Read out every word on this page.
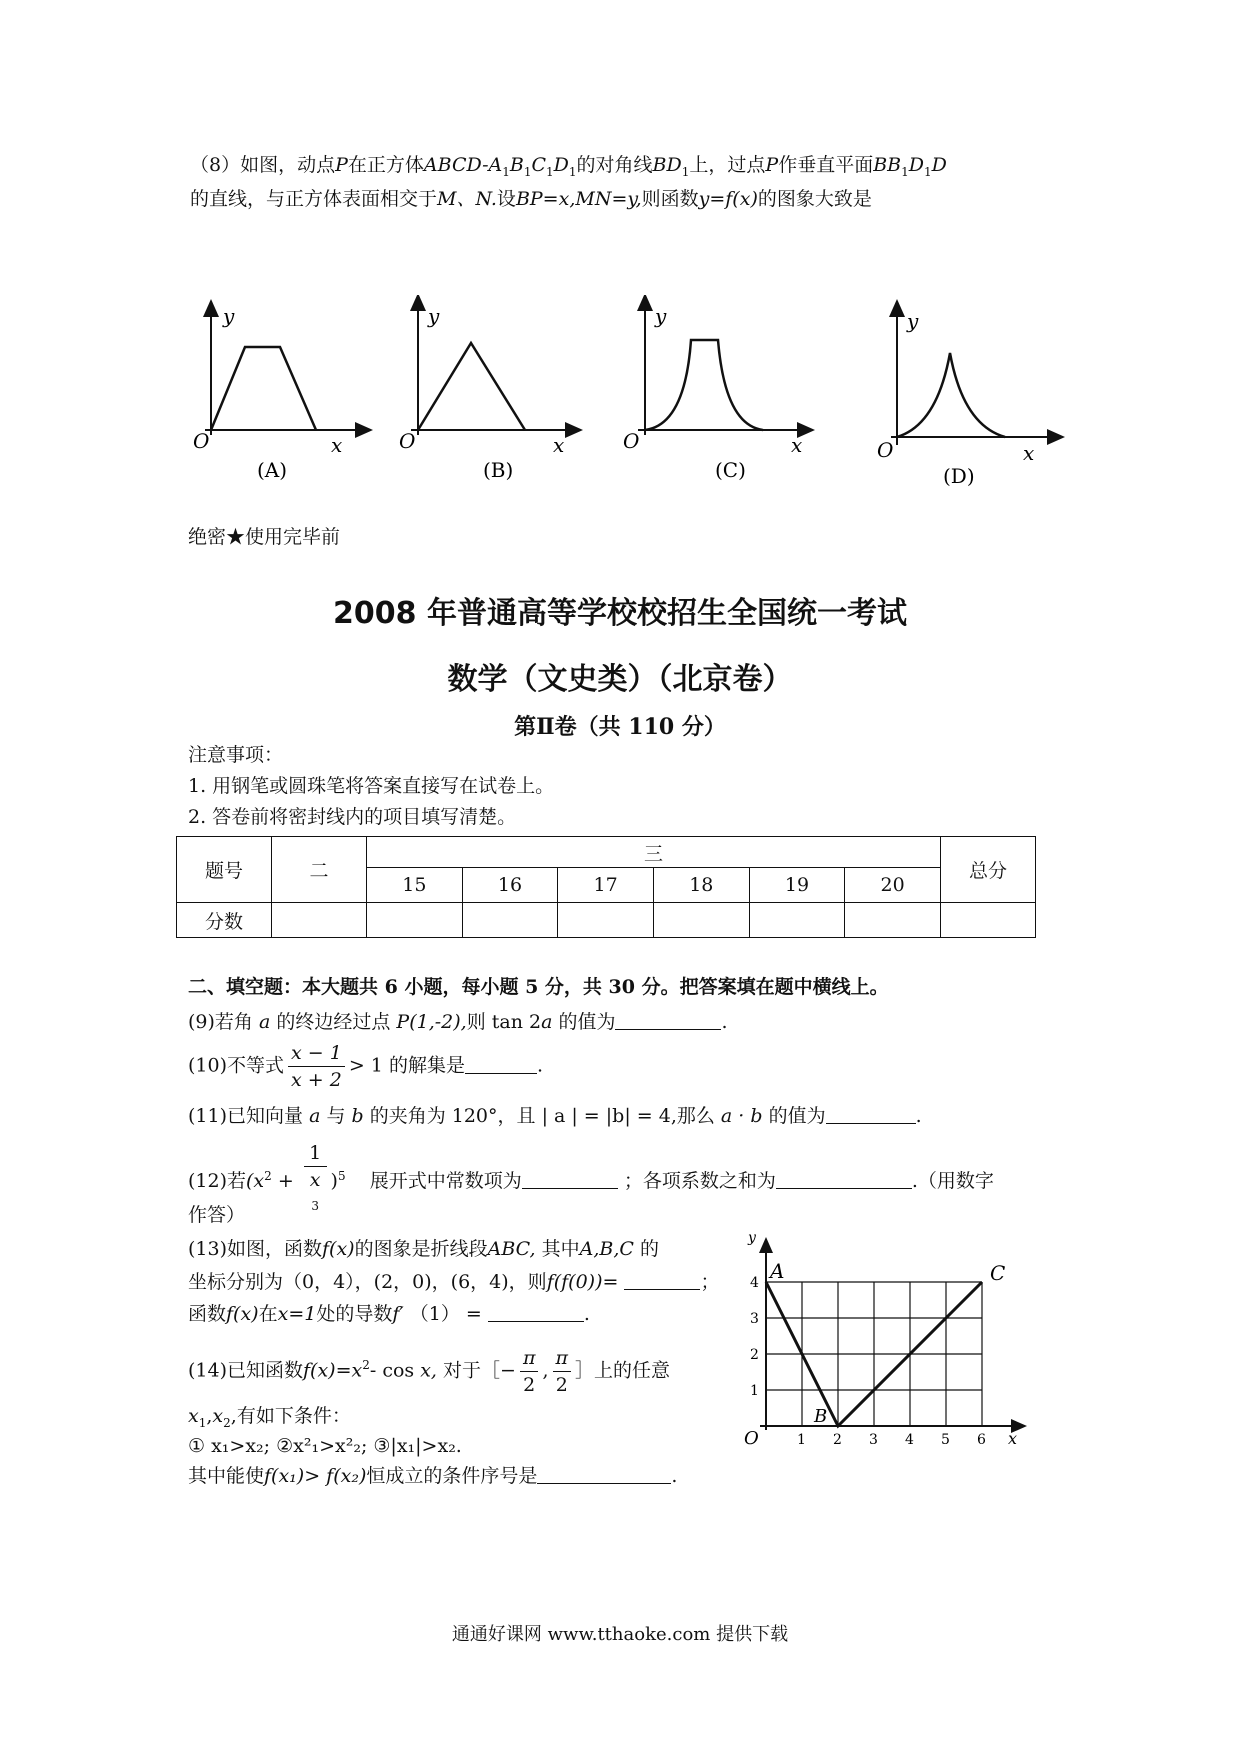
（8）如图，动点P在正方体ABCD-$A_1B_1C_1D_1$的对角线$BD_1$上，过点P作垂直平面$BB_1D_1D$
的直线，与正方体表面相交于M、N.设BP=x,MN=y,则函数y=f(x)的图象大致是
y
O	x
(A)
y
O	x
(B)
y
O	x
(C)
y
O	x
(D)
绝密★使用完毕前
2008 年普通高等学校校招生全国统一考试
数学（文史类）（北京卷）
第Ⅱ卷（共 110 分）
注意事项：
1. 用钢笔或圆珠笔将答案直接写在试卷上。
2. 答卷前将密封线内的项目填写清楚。
题号	二	三						总分
		15	16	17	18	19	20	
分数								
二、填空题：本大题共 6 小题，每小题 5 分，共 30 分。把答案填在题中横线上。
(9)若角 a 的终边经过点 P(1,-2),则 tan 2a 的值为	.
(10)不等式 $\frac{x - 1}{x + 2} > 1$ 的解集是	.
(11)已知向量 a 与 b 的夹角为 120°，且 | a | = |b| = 4,那么 a · b 的值为	.
(12)若($x^2 + 1$
x
$^3$ )$^5$ 展开式中常数项为	；各项系数之和为	.（用数字
作答）
(13)如图，函数f(x)的图象是折线段ABC, 其中A,B,C 的
坐标分别为（0，4），(2，0)，(6，4)，则f(f(0))=	；
函数f(x)在x=1处的导数f′ （1） =	.
(14)已知函数$f(x)=x^2-$ cos x, 对于［− $\frac{\pi}{2}$ , $\frac{\pi}{2}$ ］上的任意
$x_1,x_2$,有如下条件：
① x₁>x₂; ②x²₁>x²₂; ③|x₁|>x₂.
其中能使f(x₁)> f(x₂)恒成立的条件序号是	.
y
x
O
A
B
C
1 2 3 4 5 6
1
2
3
4
通通好课网 www.tthaoke.com 提供下载
